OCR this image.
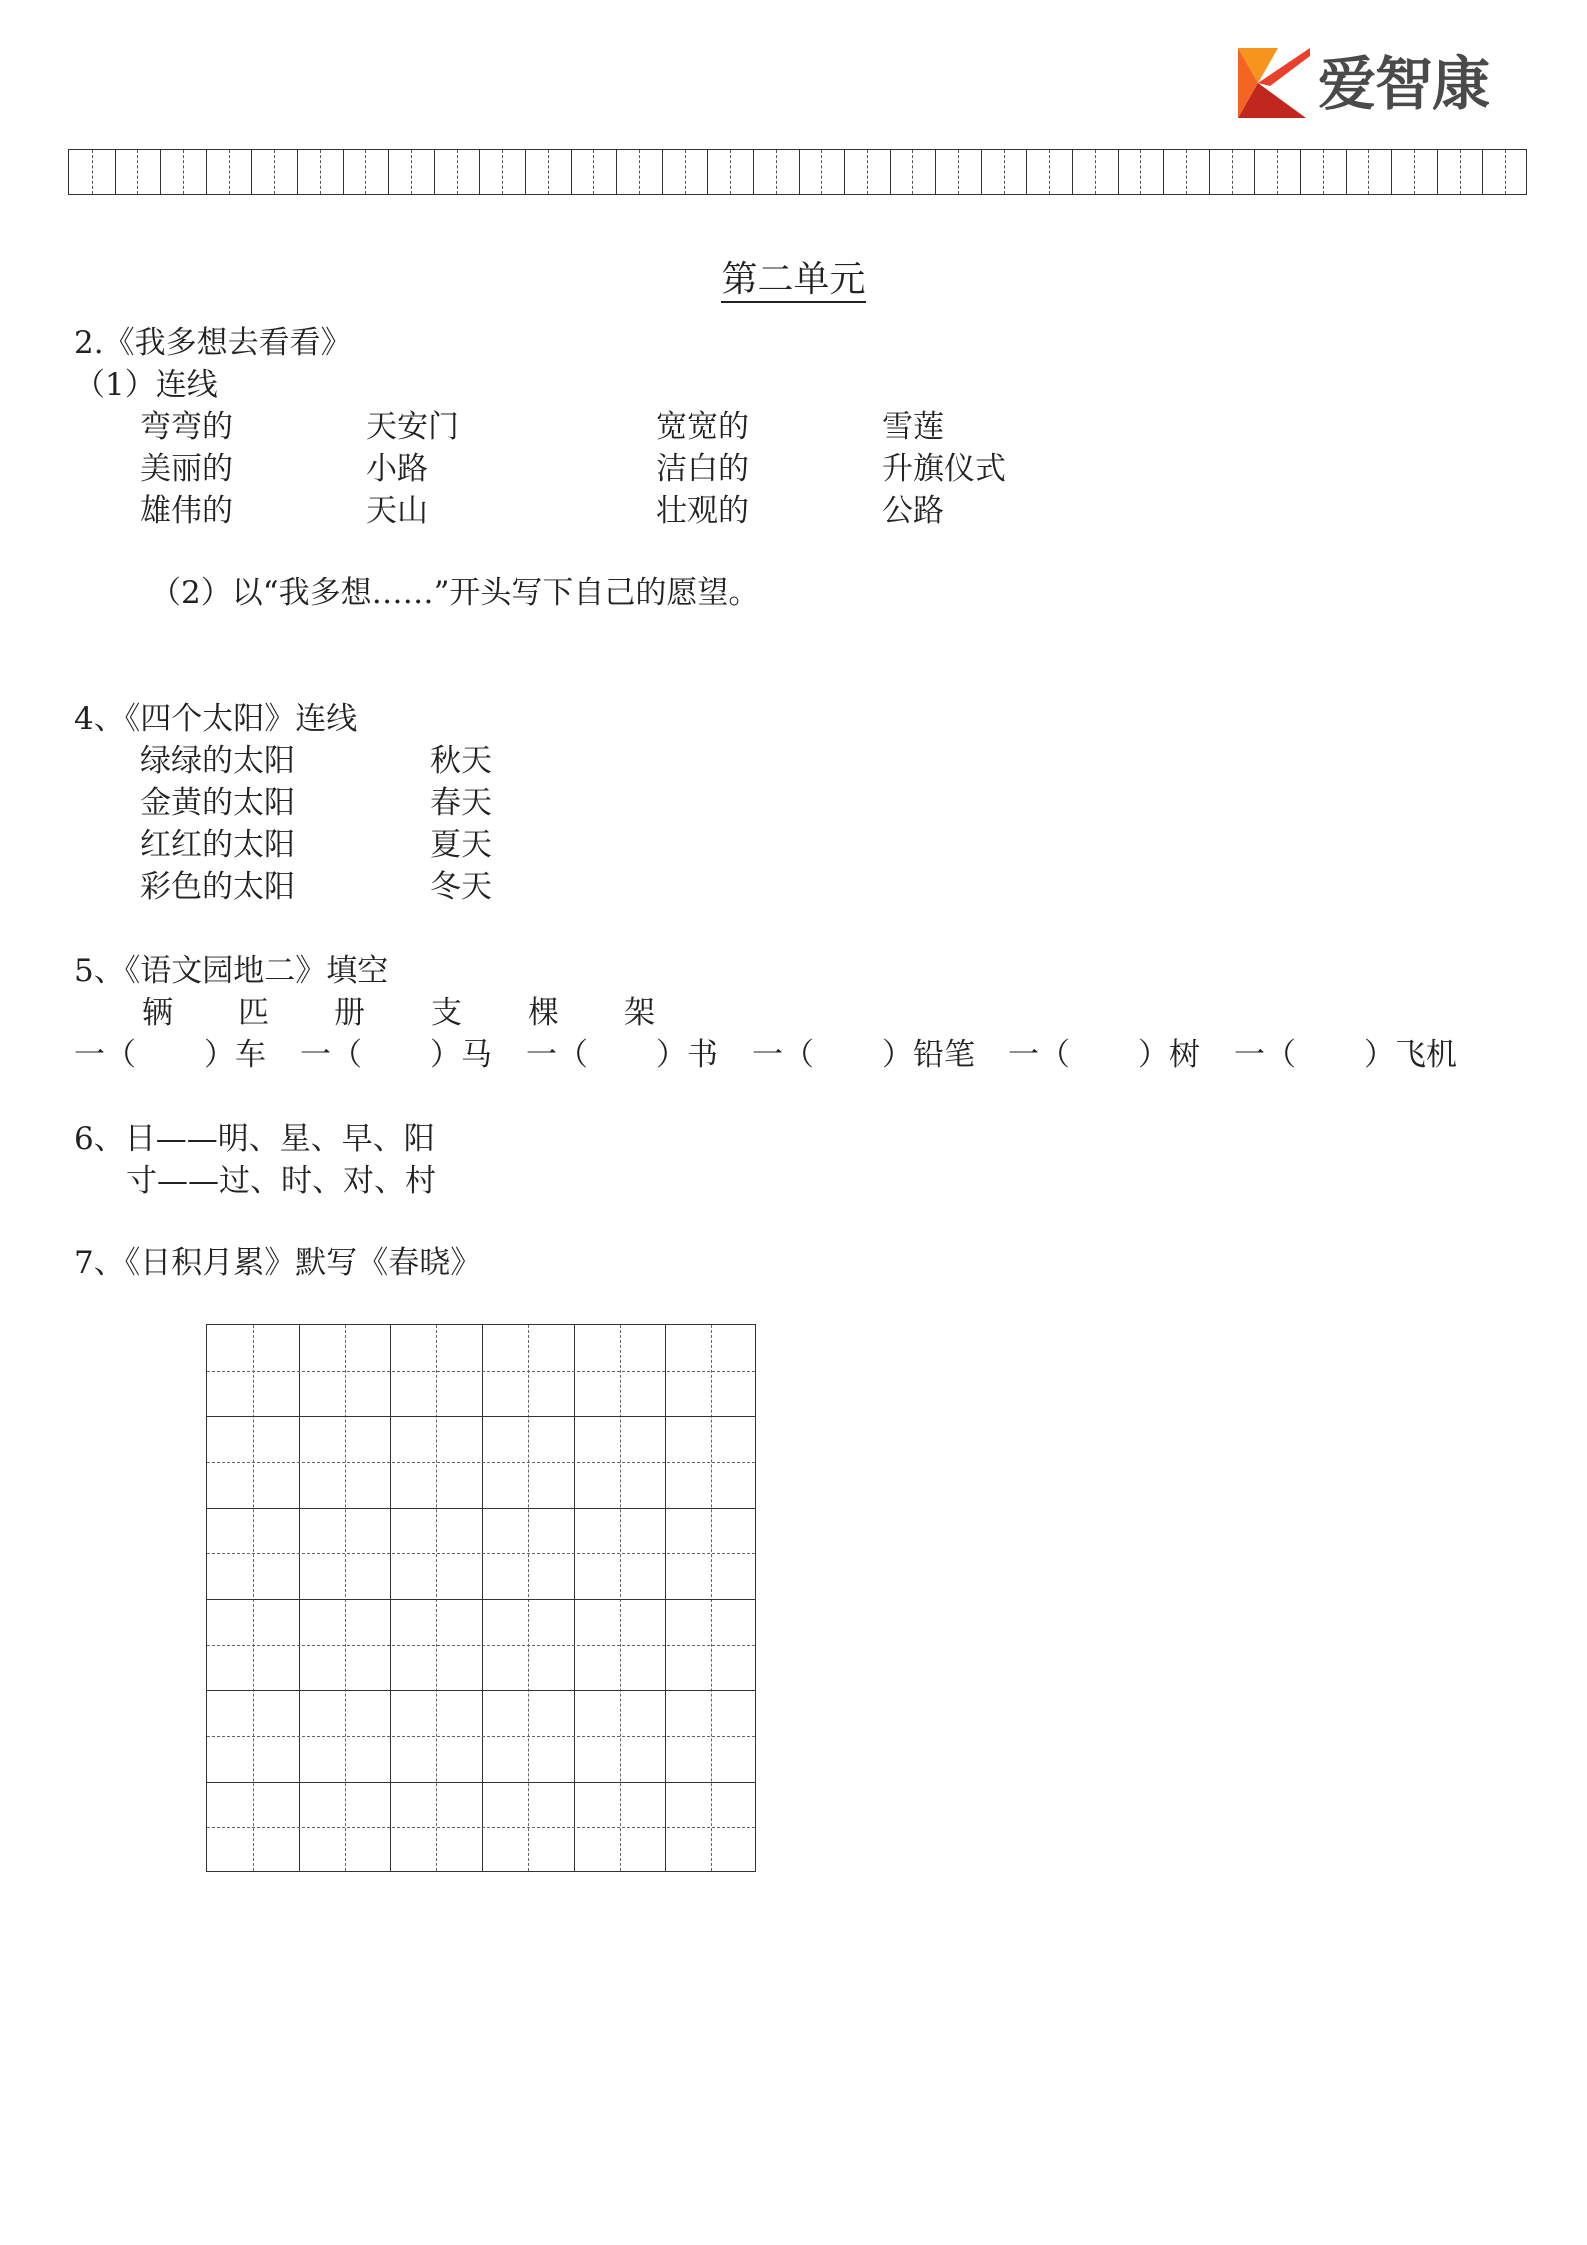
爱智康
第二单元
2.《我多想去看看》
（1）连线
弯弯的
美丽的
雄伟的
天安门
小路
天山
宽宽的
洁白的
壮观的
雪莲
升旗仪式
公路
（2）以“我多想……”开头写下自己的愿望。
4、《四个太阳》连线
绿绿的太阳
金黄的太阳
红红的太阳
彩色的太阳
秋天
春天
夏天
冬天
5、《语文园地二》填空
辆 匹 册 支 棵 架
一（ ）车 一（ ）马 一（ ）书 一（ ）铅笔 一（ ）树 一（ ）飞机
6、日——明、星、早、阳
寸——过、时、对、村
7、《日积月累》默写《春晓》
